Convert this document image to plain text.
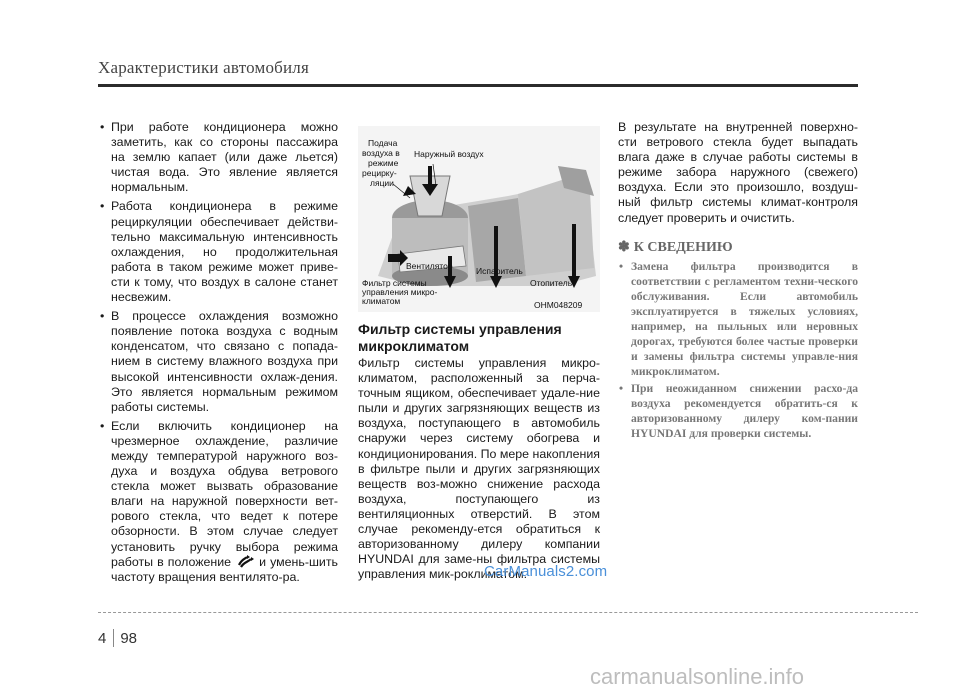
Характеристики автомобиля
• При работе кондиционера можно заметить, как со стороны пассажира на землю капает (или даже льется) чистая вода. Это явление является нормальным.
• Работа кондиционера в режиме рециркуляции обеспечивает действи-тельно максимальную интенсивность охлаждения, но продолжительная работа в таком режиме может приве-сти к тому, что воздух в салоне станет несвежим.
• В процессе охлаждения возможно появление потока воздуха с водным конденсатом, что связано с попада-нием в систему влажного воздуха при высокой интенсивности охлаж-дения. Это является нормальным режимом работы системы.
• Если включить кондиционер на чрезмерное охлаждение, различие между температурой наружного воз-духа и воздуха обдува ветрового стекла может вызвать образование влаги на наружной поверхности вет-рового стекла, что ведет к потере обзорности. В этом случае следует установить ручку выбора режима работы в положение и умень-шить частоту вращения вентилято-ра.
Подача
воздуха в
режиме
рецирку-
ляции
Наружный воздух
Вентилятор	Испаритель
Фильтр системы
управления микро-
климатом
Отопитель
OHM048209
Фильтр системы управления микроклиматом
Фильтр системы управления микро-климатом, расположенный за перча-точным ящиком, обеспечивает удале-ние пыли и других загрязняющих веществ из воздуха, поступающего в автомобиль снаружи через систему обогрева и кондиционирования. По мере накопления в фильтре пыли и других загрязняющих веществ воз-можно снижение расхода воздуха, поступающего из вентиляционных отверстий. В этом случае рекоменду-ется обратиться к авторизованному дилеру компании HYUNDAI для заме-ны фильтра системы управления мик-роклиматом.
В результате на внутренней поверхно-сти ветрового стекла будет выпадать влага даже в случае работы системы в режиме забора наружного (свежего) воздуха. Если это произошло, воздуш-ный фильтр системы климат-контроля следует проверить и очистить.
✽ К СВЕДЕНИЮ
• Замена фильтра производится в соответствии с регламентом техни-ческого обслуживания. Если автомобиль эксплуатируется в тяжелых условиях, например, на пыльных или неровных дорогах, требуются более частые проверки и замены фильтра системы управле-ния микроклиматом.
• При неожиданном снижении расхо-да воздуха рекомендуется обратить-ся к авторизованному дилеру ком-пании HYUNDAI для проверки системы.
CarManuals2.com
4 98
carmanualsonline.info
